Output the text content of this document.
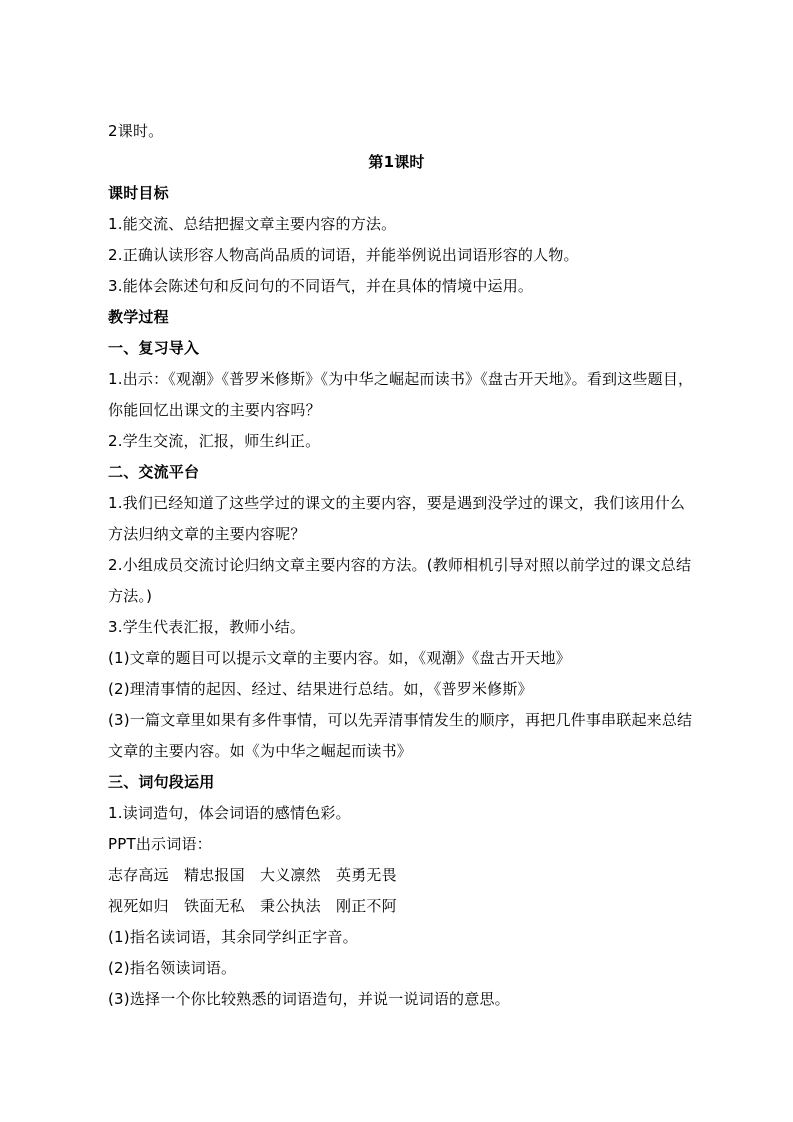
2课时。
第1课时
课时目标
1.能交流、总结把握文章主要内容的方法。
2.正确认读形容人物高尚品质的词语，并能举例说出词语形容的人物。
3.能体会陈述句和反问句的不同语气，并在具体的情境中运用。
教学过程
一、复习导入
1.出示：《观潮》《普罗米修斯》《为中华之崛起而读书》《盘古开天地》。看到这些题目，
你能回忆出课文的主要内容吗？
2.学生交流，汇报，师生纠正。
二、交流平台
1.我们已经知道了这些学过的课文的主要内容，要是遇到没学过的课文，我们该用什么
方法归纳文章的主要内容呢？
2.小组成员交流讨论归纳文章主要内容的方法。(教师相机引导对照以前学过的课文总结
方法。)
3.学生代表汇报，教师小结。
(1)文章的题目可以提示文章的主要内容。如，《观潮》《盘古开天地》
(2)理清事情的起因、经过、结果进行总结。如，《普罗米修斯》
(3)一篇文章里如果有多件事情，可以先弄清事情发生的顺序，再把几件事串联起来总结
文章的主要内容。如《为中华之崛起而读书》
三、词句段运用
1.读词造句，体会词语的感情色彩。
PPT出示词语：
志存高远　精忠报国　大义凛然　英勇无畏
视死如归　铁面无私　秉公执法　刚正不阿
(1)指名读词语，其余同学纠正字音。
(2)指名领读词语。
(3)选择一个你比较熟悉的词语造句，并说一说词语的意思。
